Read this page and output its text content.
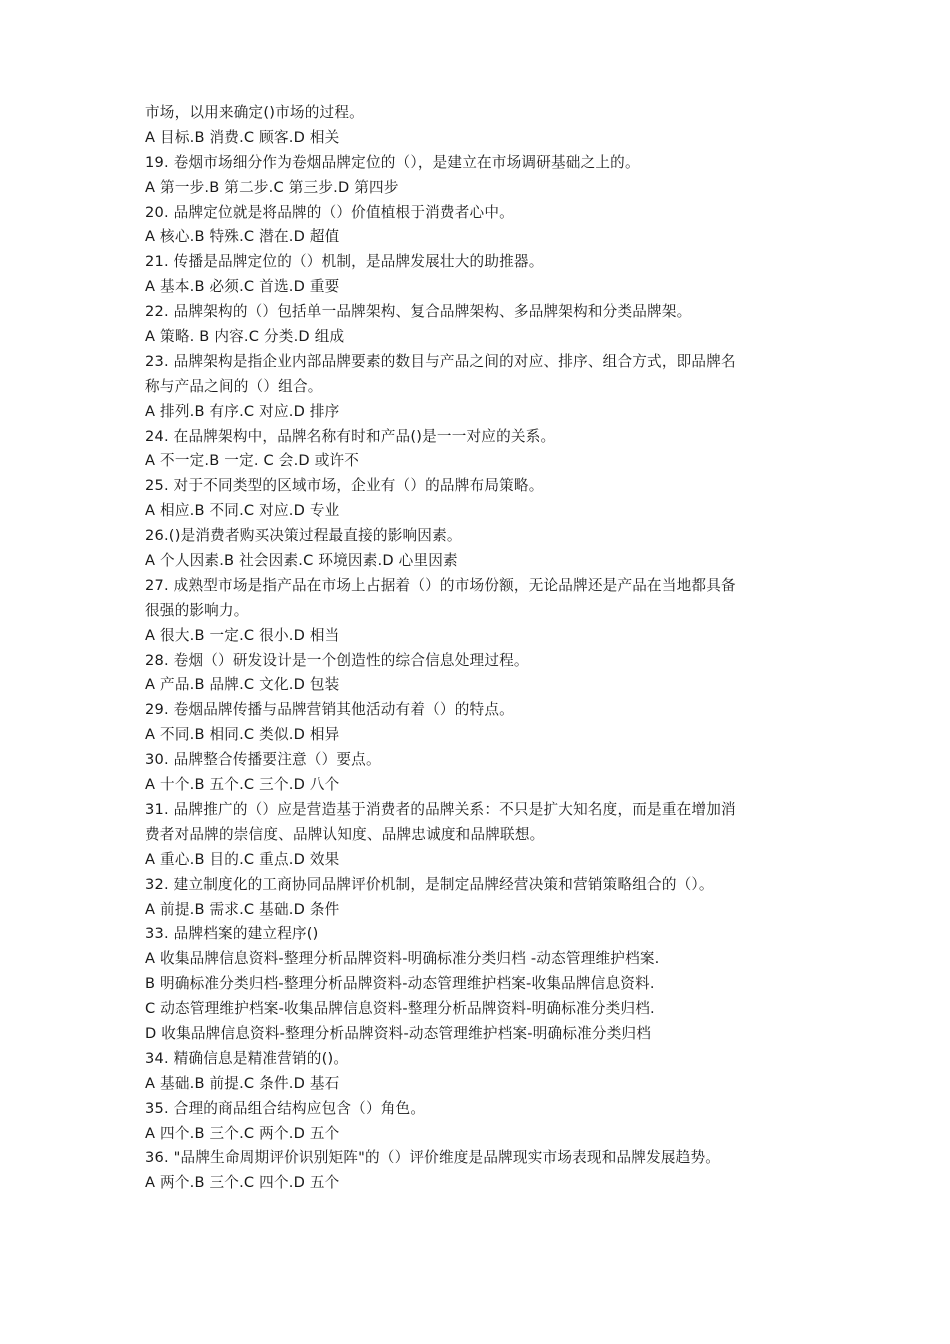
市场，以用来确定()市场的过程。
A 目标.B 消费.C 顾客.D 相关
19. 卷烟市场细分作为卷烟品牌定位的（），是建立在市场调研基础之上的。
A 第一步.B 第二步.C 第三步.D 第四步
20. 品牌定位就是将品牌的（）价值植根于消费者心中。
A 核心.B 特殊.C 潜在.D 超值
21. 传播是品牌定位的（）机制，是品牌发展壮大的助推器。
A 基本.B 必须.C 首选.D 重要
22. 品牌架构的（）包括单一品牌架构、复合品牌架构、多品牌架构和分类品牌架。
A 策略. B 内容.C 分类.D 组成
23. 品牌架构是指企业内部品牌要素的数目与产品之间的对应、排序、组合方式，即品牌名
称与产品之间的（）组合。
A 排列.B 有序.C 对应.D 排序
24. 在品牌架构中，品牌名称有时和产品()是一一对应的关系。
A 不一定.B 一定. C 会.D 或许不
25. 对于不同类型的区域市场，企业有（）的品牌布局策略。
A 相应.B 不同.C 对应.D 专业
26.()是消费者购买决策过程最直接的影响因素。
A 个人因素.B 社会因素.C 环境因素.D 心里因素
27. 成熟型市场是指产品在市场上占据着（）的市场份额，无论品牌还是产品在当地都具备
很强的影响力。
A 很大.B 一定.C 很小.D 相当
28. 卷烟（）研发设计是一个创造性的综合信息处理过程。
A 产品.B 品牌.C 文化.D 包装
29. 卷烟品牌传播与品牌营销其他活动有着（）的特点。
A 不同.B 相同.C 类似.D 相异
30. 品牌整合传播要注意（）要点。
A 十个.B 五个.C 三个.D 八个
31. 品牌推广的（）应是营造基于消费者的品牌关系：不只是扩大知名度，而是重在增加消
费者对品牌的崇信度、品牌认知度、品牌忠诚度和品牌联想。
A 重心.B 目的.C 重点.D 效果
32. 建立制度化的工商协同品牌评价机制，是制定品牌经营决策和营销策略组合的（）。
A 前提.B 需求.C 基础.D 条件
33. 品牌档案的建立程序()
A 收集品牌信息资料-整理分析品牌资料-明确标准分类归档 -动态管理维护档案.
B 明确标准分类归档-整理分析品牌资料-动态管理维护档案-收集品牌信息资料.
C 动态管理维护档案-收集品牌信息资料-整理分析品牌资料-明确标准分类归档.
D 收集品牌信息资料-整理分析品牌资料-动态管理维护档案-明确标准分类归档
34. 精确信息是精准营销的()。
A 基础.B 前提.C 条件.D 基石
35. 合理的商品组合结构应包含（）角色。
A 四个.B 三个.C 两个.D 五个
36. "品牌生命周期评价识别矩阵"的（）评价维度是品牌现实市场表现和品牌发展趋势。
A 两个.B 三个.C 四个.D 五个
